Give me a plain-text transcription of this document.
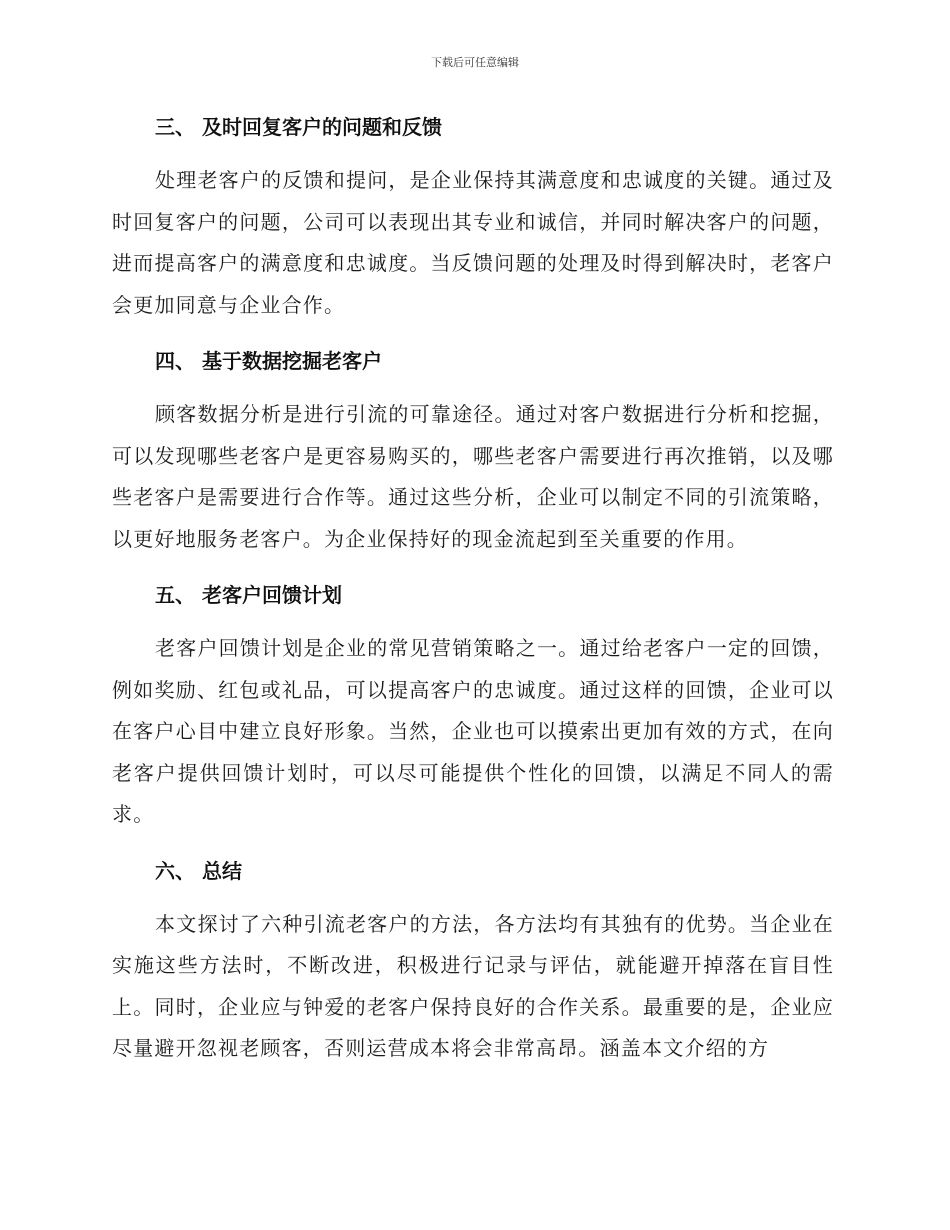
下载后可任意编辑
三、 及时回复客户的问题和反馈

处理老客户的反馈和提问，是企业保持其满意度和忠诚度的关键。通过及时回复客户的问题，公司可以表现出其专业和诚信，并同时解决客户的问题，进而提高客户的满意度和忠诚度。当反馈问题的处理及时得到解决时，老客户会更加同意与企业合作。

四、 基于数据挖掘老客户

顾客数据分析是进行引流的可靠途径。通过对客户数据进行分析和挖掘，可以发现哪些老客户是更容易购买的，哪些老客户需要进行再次推销，以及哪些老客户是需要进行合作等。通过这些分析，企业可以制定不同的引流策略，以更好地服务老客户。为企业保持好的现金流起到至关重要的作用。

五、 老客户回馈计划

老客户回馈计划是企业的常见营销策略之一。通过给老客户一定的回馈，例如奖励、红包或礼品，可以提高客户的忠诚度。通过这样的回馈，企业可以在客户心目中建立良好形象。当然，企业也可以摸索出更加有效的方式，在向老客户提供回馈计划时，可以尽可能提供个性化的回馈，以满足不同人的需求。

六、 总结

本文探讨了六种引流老客户的方法，各方法均有其独有的优势。当企业在实施这些方法时，不断改进，积极进行记录与评估，就能避开掉落在盲目性上。同时，企业应与钟爱的老客户保持良好的合作关系。最重要的是，企业应尽量避开忽视老顾客，否则运营成本将会非常高昂。涵盖本文介绍的方
